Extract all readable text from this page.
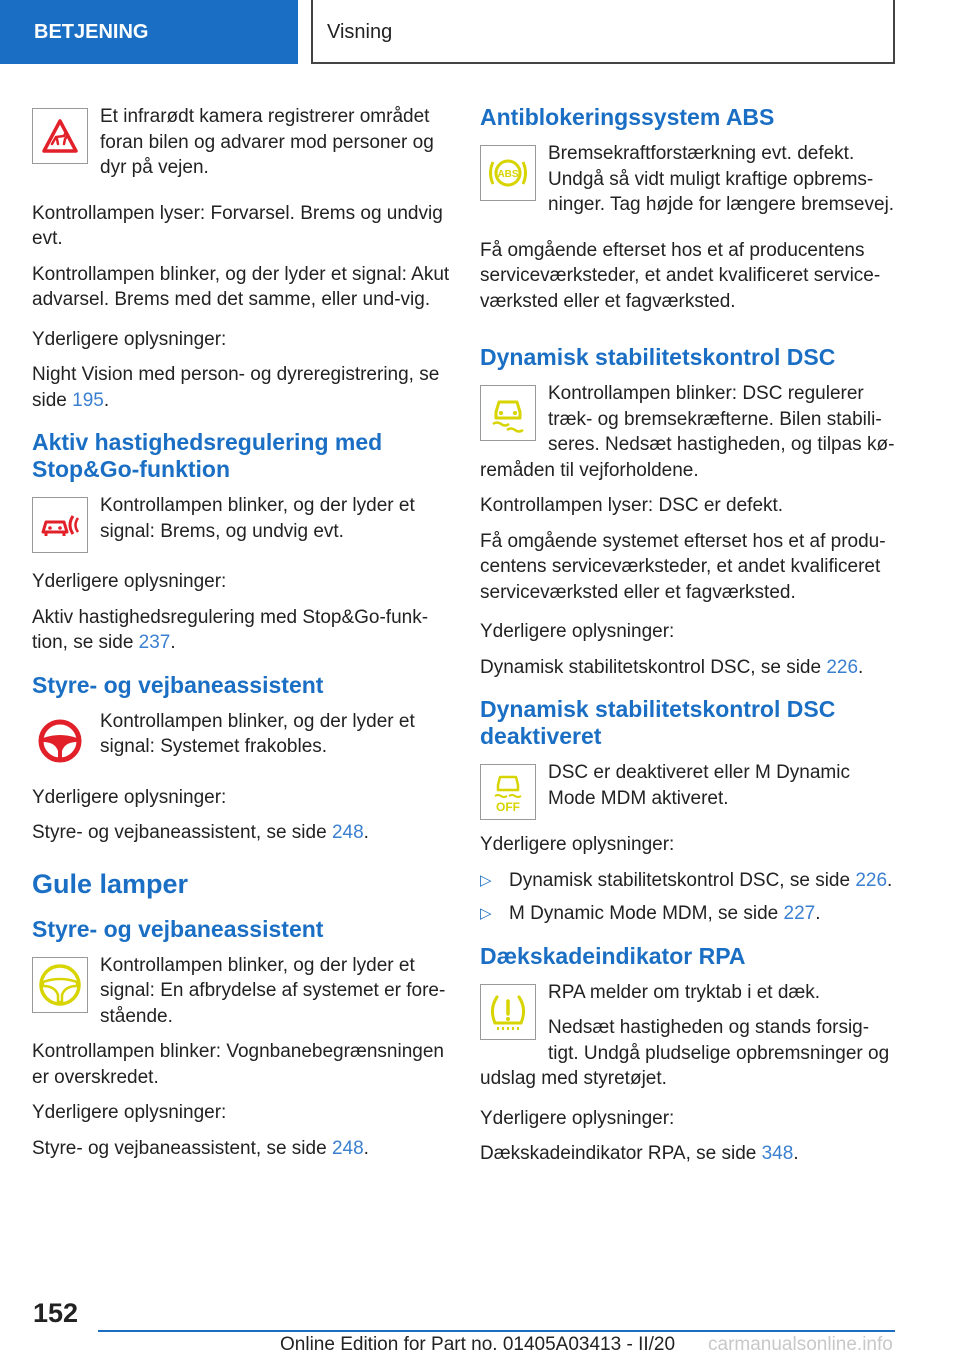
BETJENING	Visning

Et infrarødt kamera registrerer området foran bilen og advarer mod personer og dyr på vejen.

Kontrollampen lyser: Forvarsel. Brems og undvig evt.

Kontrollampen blinker, og der lyder et signal: Akut advarsel. Brems med det samme, eller und-vig.

Yderligere oplysninger:

Night Vision med person- og dyreregistrering, se side 195.

Aktiv hastighedsregulering med Stop&Go-funktion

Kontrollampen blinker, og der lyder et signal: Brems, og undvig evt.

Yderligere oplysninger:

Aktiv hastighedsregulering med Stop&Go-funk-tion, se side 237.

Styre- og vejbaneassistent

Kontrollampen blinker, og der lyder et signal: Systemet frakobles.

Yderligere oplysninger:

Styre- og vejbaneassistent, se side 248.

Gule lamper
Styre- og vejbaneassistent

Kontrollampen blinker, og der lyder et signal: En afbrydelse af systemet er fore-stående.

Kontrollampen blinker: Vognbanebegrænsningen er overskredet.

Yderligere oplysninger:

Styre- og vejbaneassistent, se side 248.

Antiblokeringssystem ABS
ABS

Bremsekraftforstærkning evt. defekt. Undgå så vidt muligt kraftige opbrems-ninger. Tag højde for længere bremsevej.

Få omgående efterset hos et af producentens serviceværksteder, et andet kvalificeret service-værksted eller et fagværksted.

Dynamisk stabilitetskontrol DSC

Kontrollampen blinker: DSC regulerer træk- og bremsekræfterne. Bilen stabili-seres. Nedsæt hastigheden, og tilpas kø-remåden til vejforholdene.

Kontrollampen lyser: DSC er defekt.

Få omgående systemet efterset hos et af produ-centens serviceværksteder, et andet kvalificeret serviceværksted eller et fagværksted.

Yderligere oplysninger:

Dynamisk stabilitetskontrol DSC, se side 226.

Dynamisk stabilitetskontrol DSC deaktiveret
OFF

DSC er deaktiveret eller M Dynamic Mode MDM aktiveret.

Yderligere oplysninger:

▷ Dynamisk stabilitetskontrol DSC, se side 226.
▷ M Dynamic Mode MDM, se side 227.
Dækskadeindikator RPA

RPA melder om tryktab i et dæk.

Nedsæt hastigheden og stands forsig-tigt. Undgå pludselige opbremsninger og udslag med styretøjet.

Yderligere oplysninger:

Dækskadeindikator RPA, se side 348.

152
Online Edition for Part no. 01405A03413 - II/20 carmanualsonline.info
